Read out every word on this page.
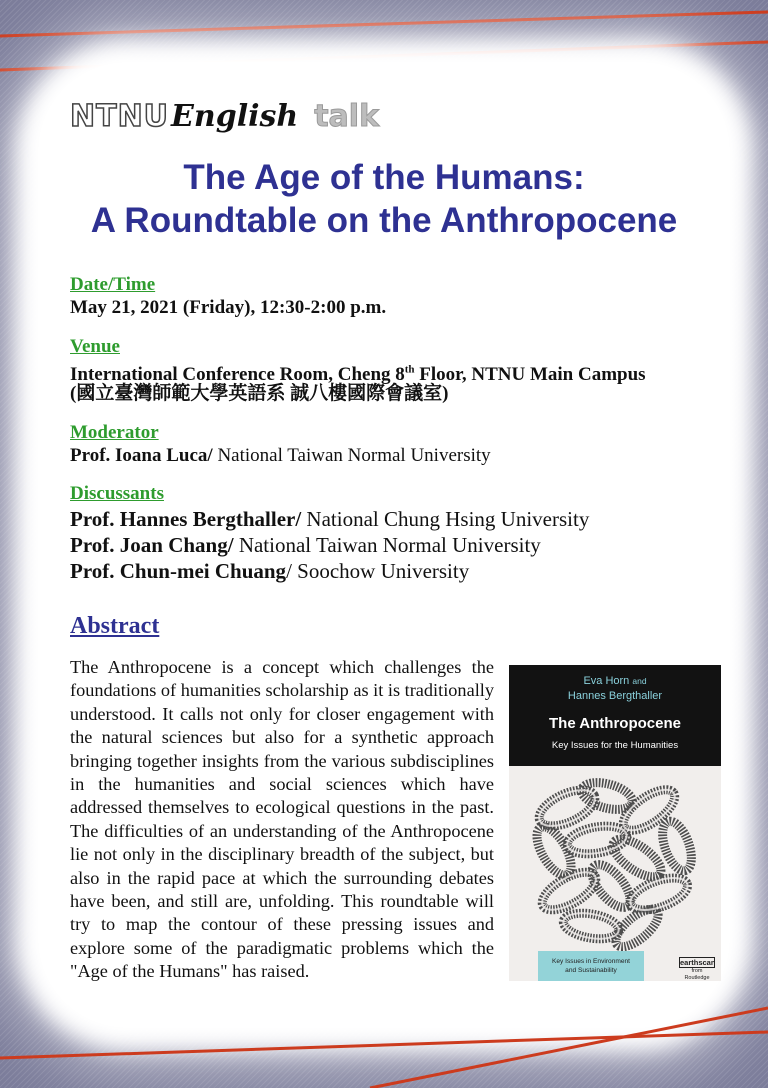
NTNU English talk
The Age of the Humans:
A Roundtable on the Anthropocene
Date/Time
May 21, 2021 (Friday), 12:30-2:00 p.m.
Venue
International Conference Room, Cheng 8th Floor, NTNU Main Campus
(國立臺灣師範大學英語系 誠八樓國際會議室)
Moderator
Prof. Ioana Luca/ National Taiwan Normal University
Discussants
Prof. Hannes Bergthaller/ National Chung Hsing University
Prof. Joan Chang/ National Taiwan Normal University
Prof. Chun-mei Chuang/ Soochow University
Abstract
The Anthropocene is a concept which challenges the foundations of humanities scholarship as it is traditionally understood. It calls not only for closer engagement with the natural sciences but also for a synthetic approach bringing together insights from the various subdisciplines in the humanities and social sciences which have addressed themselves to ecological questions in the past. The difficulties of an understanding of the Anthropocene lie not only in the disciplinary breadth of the subject, but also in the rapid pace at which the surrounding debates have been, and still are, unfolding. This roundtable will try to map the contour of these pressing issues and explore some of the paradigmatic problems which the "Age of the Humans" has raised.
Eva Horn and
Hannes Bergthaller
The Anthropocene
Key Issues for the Humanities
Key Issues in Environment
and Sustainability
earthscan
from Routledge
